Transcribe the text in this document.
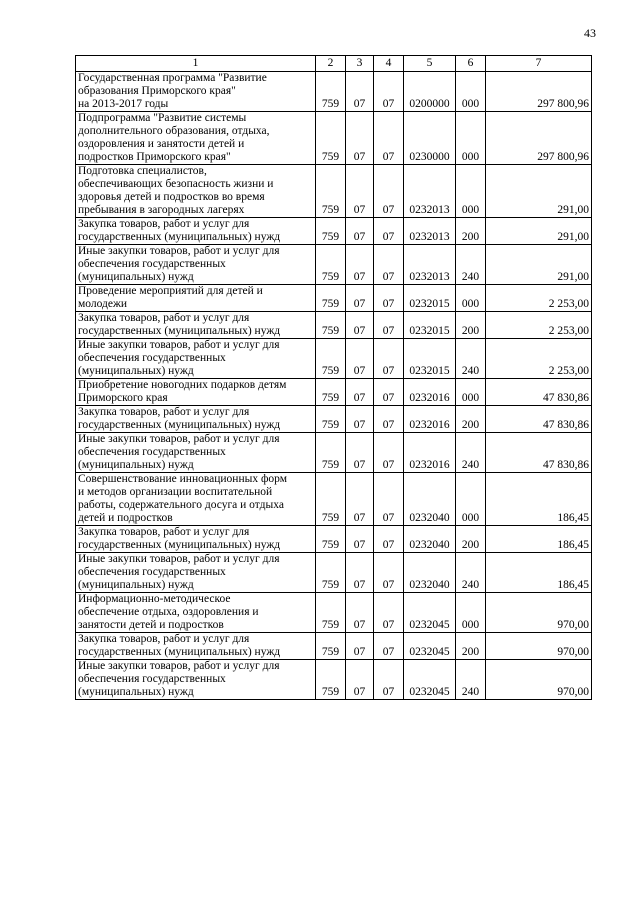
43
1	2	3	4	5	6	7
Государственная программа "Развитие
образования Приморского края"
на 2013-2017 годы	759	07	07	0200000	000	297 800,96
Подпрограмма "Развитие системы
дополнительного образования, отдыха,
оздоровления и занятости детей и
подростков Приморского края"	759	07	07	0230000	000	297 800,96
Подготовка специалистов,
обеспечивающих безопасность жизни и
здоровья детей и подростков во время
пребывания в загородных лагерях	759	07	07	0232013	000	291,00
Закупка товаров, работ и услуг для
государственных (муниципальных) нужд	759	07	07	0232013	200	291,00
Иные закупки товаров, работ и услуг для
обеспечения государственных
(муниципальных) нужд	759	07	07	0232013	240	291,00
Проведение мероприятий для детей и
молодежи	759	07	07	0232015	000	2 253,00
Закупка товаров, работ и услуг для
государственных (муниципальных) нужд	759	07	07	0232015	200	2 253,00
Иные закупки товаров, работ и услуг для
обеспечения государственных
(муниципальных) нужд	759	07	07	0232015	240	2 253,00
Приобретение новогодних подарков детям
Приморского края	759	07	07	0232016	000	47 830,86
Закупка товаров, работ и услуг для
государственных (муниципальных) нужд	759	07	07	0232016	200	47 830,86
Иные закупки товаров, работ и услуг для
обеспечения государственных
(муниципальных) нужд	759	07	07	0232016	240	47 830,86
Совершенствование инновационных форм
и методов организации воспитательной
работы, содержательного досуга и отдыха
детей и подростков	759	07	07	0232040	000	186,45
Закупка товаров, работ и услуг для
государственных (муниципальных) нужд	759	07	07	0232040	200	186,45
Иные закупки товаров, работ и услуг для
обеспечения государственных
(муниципальных) нужд	759	07	07	0232040	240	186,45
Информационно-методическое
обеспечение отдыха, оздоровления и
занятости детей и подростков	759	07	07	0232045	000	970,00
Закупка товаров, работ и услуг для
государственных (муниципальных) нужд	759	07	07	0232045	200	970,00
Иные закупки товаров, работ и услуг для
обеспечения государственных
(муниципальных) нужд	759	07	07	0232045	240	970,00
